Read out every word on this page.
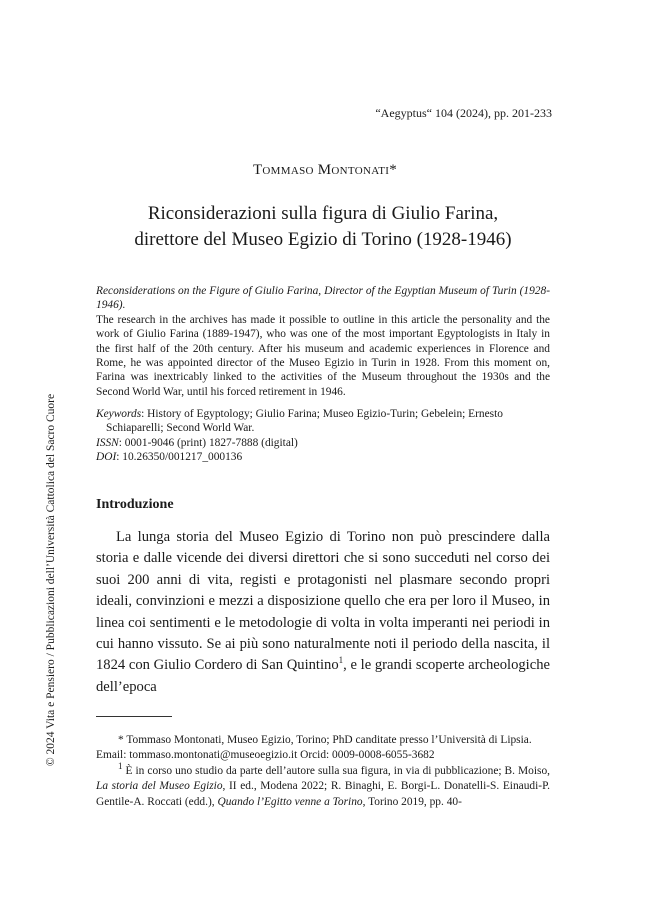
“Aegyptus“ 104 (2024), pp. 201-233
Tommaso Montonati*
Riconsiderazioni sulla figura di Giulio Farina,
direttore del Museo Egizio di Torino (1928-1946)

Reconsiderations on the Figure of Giulio Farina, Director of the Egyptian Museum of Turin (1928-1946).

The research in the archives has made it possible to outline in this article the personality and the work of Giulio Farina (1889-1947), who was one of the most important Egyptologists in Italy in the first half of the 20th century. After his museum and academic experiences in Florence and Rome, he was appointed director of the Museo Egizio in Turin in 1928. From this moment on, Farina was inextricably linked to the activities of the Museum throughout the 1930s and the Second World War, until his forced retirement in 1946.

Keywords: History of Egyptology; Giulio Farina; Museo Egizio-Turin; Gebelein; Ernesto Schiaparelli; Second World War.

ISSN: 0001-9046 (print) 1827-7888 (digital)

DOI: 10.26350/001217_000136

Introduzione

La lunga storia del Museo Egizio di Torino non può prescindere dalla storia e dalle vicende dei diversi direttori che si sono succeduti nel corso dei suoi 200 anni di vita, registi e protagonisti nel plasmare secondo propri ideali, convinzioni e mezzi a disposizione quello che era per loro il Museo, in linea coi sentimenti e le metodologie di volta in volta imperanti nei periodi in cui hanno vissuto. Se ai più sono naturalmente noti il periodo della nascita, il 1824 con Giulio Cordero di San Quintino$^1$, e le grandi scoperte archeologiche dell’epoca

* Tommaso Montonati, Museo Egizio, Torino; PhD canditate presso l’Università di Lipsia.
Email: tommaso.montonati@museoegizio.it Orcid: 0009-0008-6055-3682

$^1$ È in corso uno studio da parte dell’autore sulla sua figura, in via di pubblicazione; B. Moiso, La storia del Museo Egizio, II ed., Modena 2022; R. Binaghi, E. Borgi-L. Donatelli-S. Einaudi-P. Gentile-A. Roccati (edd.), Quando l’Egitto venne a Torino, Torino 2019, pp. 40-

© 2024 Vita e Pensiero / Pubblicazioni dell’Università Cattolica del Sacro Cuore
